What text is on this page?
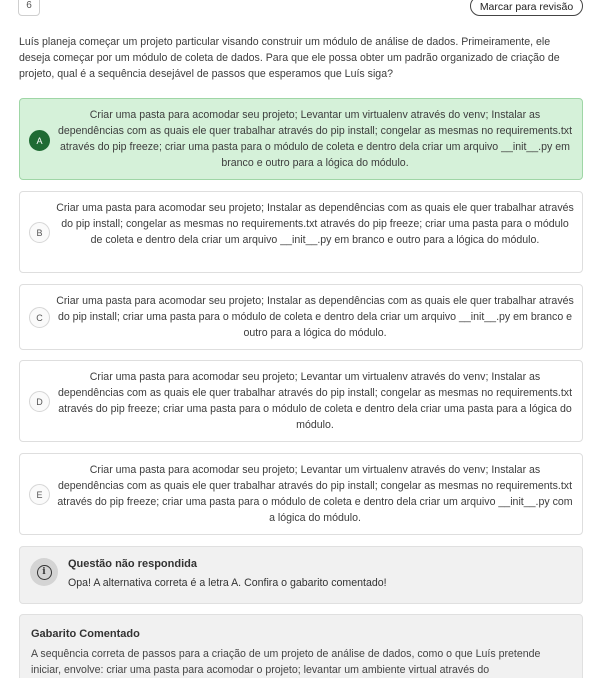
6	Marcar para revisão
Luís planeja começar um projeto particular visando construir um módulo de análise de dados. Primeiramente, ele deseja começar por um módulo de coleta de dados. Para que ele possa obter um padrão organizado de criação de projeto, qual é a sequência desejável de passos que esperamos que Luís siga?
A
Criar uma pasta para acomodar seu projeto; Levantar um virtualenv através do venv; Instalar as dependências com as quais ele quer trabalhar através do pip install; congelar as mesmas no requirements.txt através do pip freeze; criar uma pasta para o módulo de coleta e dentro dela criar um arquivo __init__.py em branco e outro para a lógica do módulo.
B
Criar uma pasta para acomodar seu projeto; Instalar as dependências com as quais ele quer trabalhar através do pip install; congelar as mesmas no requirements.txt através do pip freeze; criar uma pasta para o módulo de coleta e dentro dela criar um arquivo __init__.py em branco e outro para a lógica do módulo.
C
Criar uma pasta para acomodar seu projeto; Instalar as dependências com as quais ele quer trabalhar através do pip install; criar uma pasta para o módulo de coleta e dentro dela criar um arquivo __init__.py em branco e outro para a lógica do módulo.
D
Criar uma pasta para acomodar seu projeto; Levantar um virtualenv através do venv; Instalar as dependências com as quais ele quer trabalhar através do pip install; congelar as mesmas no requirements.txt através do pip freeze; criar uma pasta para o módulo de coleta e dentro dela criar uma pasta para a lógica do módulo.
E
Criar uma pasta para acomodar seu projeto; Levantar um virtualenv através do venv; Instalar as dependências com as quais ele quer trabalhar através do pip install; congelar as mesmas no requirements.txt através do pip freeze; criar uma pasta para o módulo de coleta e dentro dela criar um arquivo __init__.py com a lógica do módulo.
i
Questão não respondida
Opa! A alternativa correta é a letra A. Confira o gabarito comentado!
Gabarito Comentado
A sequência correta de passos para a criação de um projeto de análise de dados, como o que Luís pretende iniciar, envolve: criar uma pasta para acomodar o projeto; levantar um ambiente virtual através do
